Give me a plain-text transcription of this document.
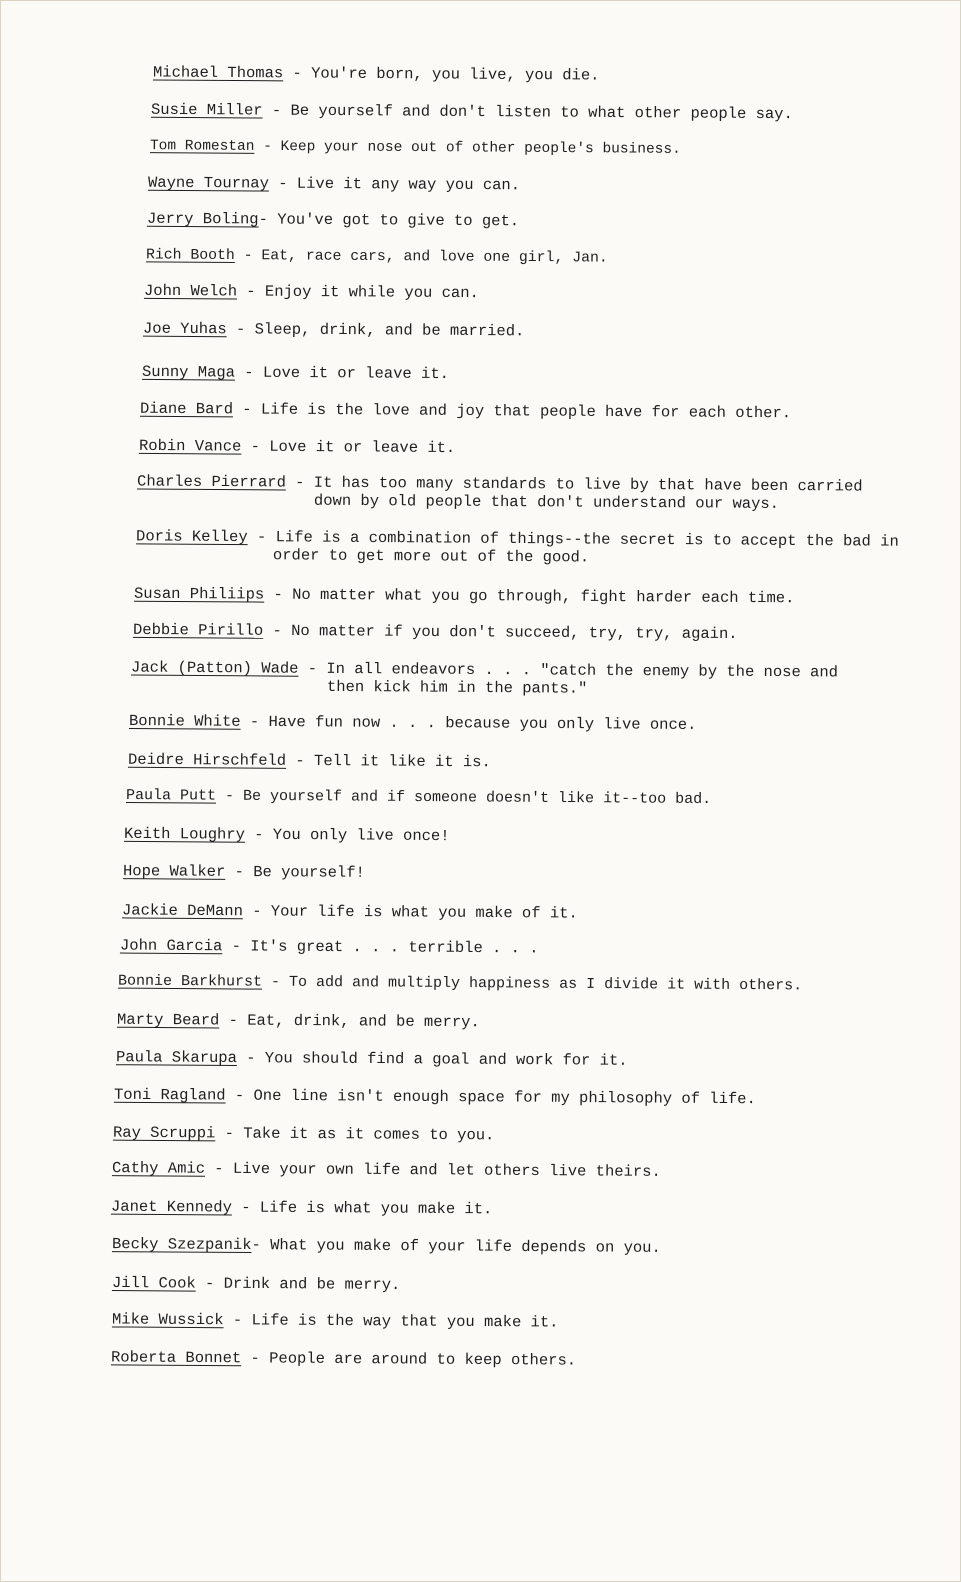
Michael Thomas - You're born, you live, you die.
Susie Miller - Be yourself and don't listen to what other people say.
Tom Romestan - Keep your nose out of other people's business.
Wayne Tournay - Live it any way you can.
Jerry Boling- You've got to give to get.
Rich Booth - Eat, race cars, and love one girl, Jan.
John Welch - Enjoy it while you can.
Joe Yuhas - Sleep, drink, and be married.
Sunny Maga - Love it or leave it.
Diane Bard - Life is the love and joy that people have for each other.
Robin Vance - Love it or leave it.
Charles Pierrard - It has too many standards to live by that have been carried
down by old people that don't understand our ways.
Doris Kelley - Life is a combination of things--the secret is to accept the bad in
order to get more out of the good.
Susan Philiips - No matter what you go through, fight harder each time.
Debbie Pirillo - No matter if you don't succeed, try, try, again.
Jack (Patton) Wade - In all endeavors . . . "catch the enemy by the nose and
then kick him in the pants."
Bonnie White - Have fun now . . . because you only live once.
Deidre Hirschfeld - Tell it like it is.
Paula Putt - Be yourself and if someone doesn't like it--too bad.
Keith Loughry - You only live once!
Hope Walker - Be yourself!
Jackie DeMann - Your life is what you make of it.
John Garcia - It's great . . . terrible . . .
Bonnie Barkhurst - To add and multiply happiness as I divide it with others.
Marty Beard - Eat, drink, and be merry.
Paula Skarupa - You should find a goal and work for it.
Toni Ragland - One line isn't enough space for my philosophy of life.
Ray Scruppi - Take it as it comes to you.
Cathy Amic - Live your own life and let others live theirs.
Janet Kennedy - Life is what you make it.
Becky Szezpanik- What you make of your life depends on you.
Jill Cook - Drink and be merry.
Mike Wussick - Life is the way that you make it.
Roberta Bonnet - People are around to keep others.
